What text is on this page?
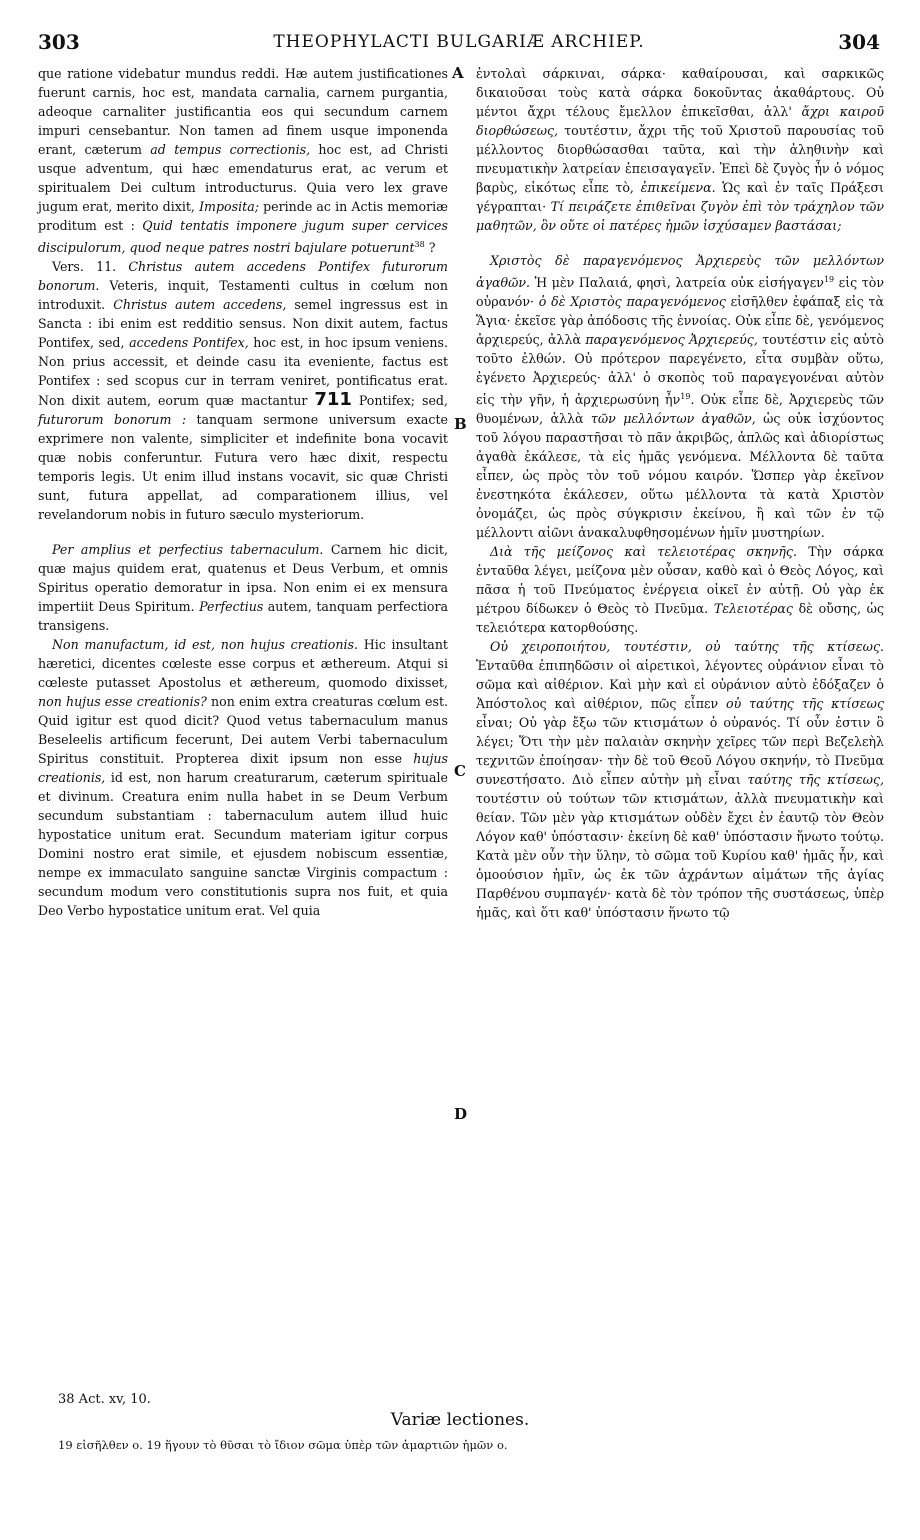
303	THEOPHYLACTI BULGARIÆ ARCHIEP.	304
A
B
C
D

que ratione videbatur mundus reddi. Hæ autem justificationes fuerunt carnis, hoc est, mandata carnalia, carnem purgantia, adeoque carnaliter justificantia eos qui secundum carnem impuri censebantur. Non tamen ad finem usque imponenda erant, cæterum ad tempus correctionis, hoc est, ad Christi usque adventum, qui hæc emendaturus erat, ac verum et spiritualem Dei cultum introducturus. Quia vero lex grave jugum erat, merito dixit, Imposita; perinde ac in Actis memoriæ proditum est : Quid tentatis imponere jugum super cervices discipulorum, quod neque patres nostri bajulare potuerunt$^{38}$ ?

Vers. 11. Christus autem accedens Pontifex futurorum bonorum. Veteris, inquit, Testamenti cultus in cœlum non introduxit. Christus autem accedens, semel ingressus est in Sancta : ibi enim est redditio sensus. Non dixit autem, factus Pontifex, sed, accedens Pontifex, hoc est, in hoc ipsum veniens. Non prius accessit, et deinde casu ita eveniente, factus est Pontifex : sed scopus cur in terram veniret, pontificatus erat. Non dixit autem, eorum quæ mactantur 711 Pontifex; sed, futurorum bonorum : tanquam sermone universum exacte exprimere non valente, simpliciter et indefinite bona vocavit quæ nobis conferuntur. Futura vero hæc dixit, respectu temporis legis. Ut enim illud instans vocavit, sic quæ Christi sunt, futura appellat, ad comparationem illius, vel revelandorum nobis in futuro sæculo mysteriorum.

Per amplius et perfectius tabernaculum. Carnem hic dicit, quæ majus quidem erat, quatenus et Deus Verbum, et omnis Spiritus operatio demoratur in ipsa. Non enim ei ex mensura impertiit Deus Spiritum. Perfectius autem, tanquam perfectiora transigens.

Non manufactum, id est, non hujus creationis. Hic insultant hæretici, dicentes cœleste esse corpus et æthereum. Atqui si cœleste putasset Apostolus et æthereum, quomodo dixisset, non hujus esse creationis? non enim extra creaturas cœlum est. Quid igitur est quod dicit? Quod vetus tabernaculum manus Beseleelis artificum fecerunt, Dei autem Verbi tabernaculum Spiritus constituit. Propterea dixit ipsum non esse hujus creationis, id est, non harum creaturarum, cæterum spirituale et divinum. Creatura enim nulla habet in se Deum Verbum secundum substantiam : tabernaculum autem illud huic hypostatice unitum erat. Secundum materiam igitur corpus Domini nostro erat simile, et ejusdem nobiscum essentiæ, nempe ex immaculato sanguine sanctæ Virginis compactum : secundum modum vero constitutionis supra nos fuit, et quia Deo Verbo hypostatice unitum erat. Vel quia

ἐντολαὶ σάρκιναι, σάρκα· καθαίρουσαι, καὶ σαρκικῶς δικαιοῦσαι τοὺς κατὰ σάρκα δοκοῦντας ἀκαθάρτους. Οὐ μέντοι ἄχρι τέλους ἔμελλον ἐπικεῖσθαι, ἀλλ' ἄχρι καιροῦ διορθώσεως, τουτέστιν, ἄχρι τῆς τοῦ Χριστοῦ παρουσίας τοῦ μέλλοντος διορθώσασθαι ταῦτα, καὶ τὴν ἀληθινὴν καὶ πνευματικὴν λατρείαν ἐπεισαγαγεῖν. Ἐπεὶ δὲ ζυγὸς ἦν ὁ νόμος βαρὺς, εἰκότως εἶπε τὸ, ἐπικείμενα. Ὡς καὶ ἐν ταῖς Πράξεσι γέγραπται· Τί πειράζετε ἐπιθεῖναι ζυγὸν ἐπὶ τὸν τράχηλον τῶν μαθητῶν, ὃν οὔτε οἱ πατέρες ἡμῶν ἰσχύσαμεν βαστάσαι;

Χριστὸς δὲ παραγενόμενος Ἀρχιερεὺς τῶν μελλόντων ἀγαθῶν. Ἡ μὲν Παλαιά, φησὶ, λατρεία οὐκ εἰσήγαγεν$^{19}$ εἰς τὸν οὐρανόν· ὁ δὲ Χριστὸς παραγενόμενος εἰσῆλθεν ἐφάπαξ εἰς τὰ Ἅγια· ἐκεῖσε γὰρ ἀπόδοσις τῆς ἐννοίας. Οὐκ εἶπε δὲ, γενόμενος ἀρχιερεύς, ἀλλὰ παραγενόμενος Ἀρχιερεύς, τουτέστιν εἰς αὐτὸ τοῦτο ἐλθών. Οὐ πρότερον παρεγένετο, εἶτα συμβὰν οὕτω, ἐγένετο Ἀρχιερεύς· ἀλλ' ὁ σκοπὸς τοῦ παραγεγονέναι αὐτὸν εἰς τὴν γῆν, ἡ ἀρχιερωσύνη ἦν$^{19}$. Οὐκ εἶπε δὲ, Ἀρχιερεὺς τῶν θυομένων, ἀλλὰ τῶν μελλόντων ἀγαθῶν, ὡς οὐκ ἰσχύοντος τοῦ λόγου παραστῆσαι τὸ πᾶν ἀκριβῶς, ἁπλῶς καὶ ἀδιορίστως ἀγαθὰ ἐκάλεσε, τὰ εἰς ἡμᾶς γενόμενα. Μέλλοντα δὲ ταῦτα εἶπεν, ὡς πρὸς τὸν τοῦ νόμου καιρόν. Ὥσπερ γὰρ ἐκεῖνον ἐνεστηκότα ἐκάλεσεν, οὕτω μέλλοντα τὰ κατὰ Χριστὸν ὀνομάζει, ὡς πρὸς σύγκρισιν ἐκείνου, ἢ καὶ τῶν ἐν τῷ μέλλοντι αἰῶνι ἀνακαλυφθησομένων ἡμῖν μυστηρίων.

Διὰ τῆς μείζονος καὶ τελειοτέρας σκηνῆς. Τὴν σάρκα ἐνταῦθα λέγει, μείζονα μὲν οὖσαν, καθὸ καὶ ὁ Θεὸς Λόγος, καὶ πᾶσα ἡ τοῦ Πνεύματος ἐνέργεια οἰκεῖ ἐν αὐτῇ. Οὐ γὰρ ἐκ μέτρου δίδωκεν ὁ Θεὸς τὸ Πνεῦμα. Τελειοτέρας δὲ οὔσης, ὡς τελειότερα κατορθούσης.

Οὐ χειροποιήτου, τουτέστιν, οὐ ταύτης τῆς κτίσεως. Ἐνταῦθα ἐπιπηδῶσιν οἱ αἱρετικοὶ, λέγοντες οὐράνιον εἶναι τὸ σῶμα καὶ αἰθέριον. Καὶ μὴν καὶ εἰ οὐράνιον αὐτὸ ἐδόξαζεν ὁ Ἀπόστολος καὶ αἰθέριον, πῶς εἶπεν οὐ ταύτης τῆς κτίσεως εἶναι; Οὐ γὰρ ἔξω τῶν κτισμάτων ὁ οὐρανός. Τί οὖν ἐστιν ὃ λέγει; Ὅτι τὴν μὲν παλαιὰν σκηνὴν χεῖρες τῶν περὶ Βεζελεὴλ τεχνιτῶν ἐποίησαν· τὴν δὲ τοῦ Θεοῦ Λόγου σκηνήν, τὸ Πνεῦμα συνεστήσατο. Διὸ εἶπεν αὐτὴν μὴ εἶναι ταύτης τῆς κτίσεως, τουτέστιν οὐ τούτων τῶν κτισμάτων, ἀλλὰ πνευματικὴν καὶ θείαν. Τῶν μὲν γὰρ κτισμάτων οὐδὲν ἔχει ἐν ἑαυτῷ τὸν Θεὸν Λόγον καθ' ὑπόστασιν· ἐκείνη δὲ καθ' ὑπόστασιν ἥνωτο τούτῳ. Κατὰ μὲν οὖν τὴν ὕλην, τὸ σῶμα τοῦ Κυρίου καθ' ἡμᾶς ἦν, καὶ ὁμοούσιον ἡμῖν, ὡς ἐκ τῶν ἀχράντων αἱμάτων τῆς ἁγίας Παρθένου συμπαγέν· κατὰ δὲ τὸν τρόπον τῆς συστάσεως, ὑπὲρ ἡμᾶς, καὶ ὅτι καθ' ὑπόστασιν ἥνωτο τῷ

38 Act. xv, 10.
Variæ lectiones.
19 εἰσῆλθεν ο. 19 ἥγουν τὸ θῦσαι τὸ ἴδιον σῶμα ὑπὲρ τῶν ἁμαρτιῶν ἡμῶν ο.
